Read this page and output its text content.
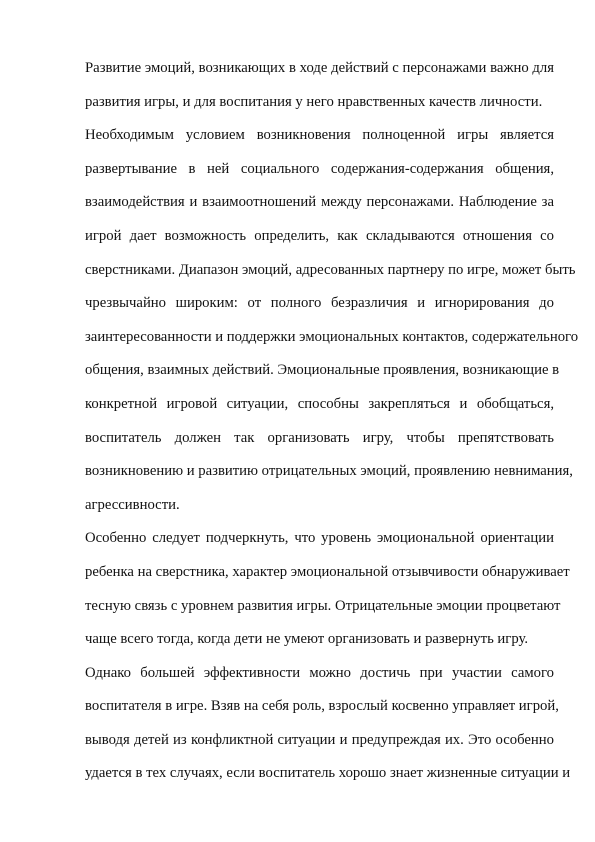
Развитие эмоций, возникающих в ходе действий с персонажами важно для
развития игры, и для воспитания у него нравственных качеств личности.
Необходимым условием возникновения полноценной игры является
развертывание в ней социального содержания-содержания общения,
взаимодействия и взаимоотношений между персонажами. Наблюдение за
игрой дает возможность определить, как складываются отношения со
сверстниками. Диапазон эмоций, адресованных партнеру по игре, может быть
чрезвычайно широким: от полного безразличия и игнорирования до
заинтересованности и поддержки эмоциональных контактов, содержательного
общения, взаимных действий. Эмоциональные проявления, возникающие в
конкретной игровой ситуации, способны закрепляться и обобщаться,
воспитатель должен так организовать игру, чтобы препятствовать
возникновению и развитию отрицательных эмоций, проявлению невнимания,
агрессивности.
Особенно следует подчеркнуть, что уровень эмоциональной ориентации
ребенка на сверстника, характер эмоциональной отзывчивости обнаруживает
тесную связь с уровнем развития игры. Отрицательные эмоции процветают
чаще всего тогда, когда дети не умеют организовать и развернуть игру.
Однако большей эффективности можно достичь при участии самого
воспитателя в игре. Взяв на себя роль, взрослый косвенно управляет игрой,
выводя детей из конфликтной ситуации и предупреждая их. Это особенно
удается в тех случаях, если воспитатель хорошо знает жизненные ситуации и
